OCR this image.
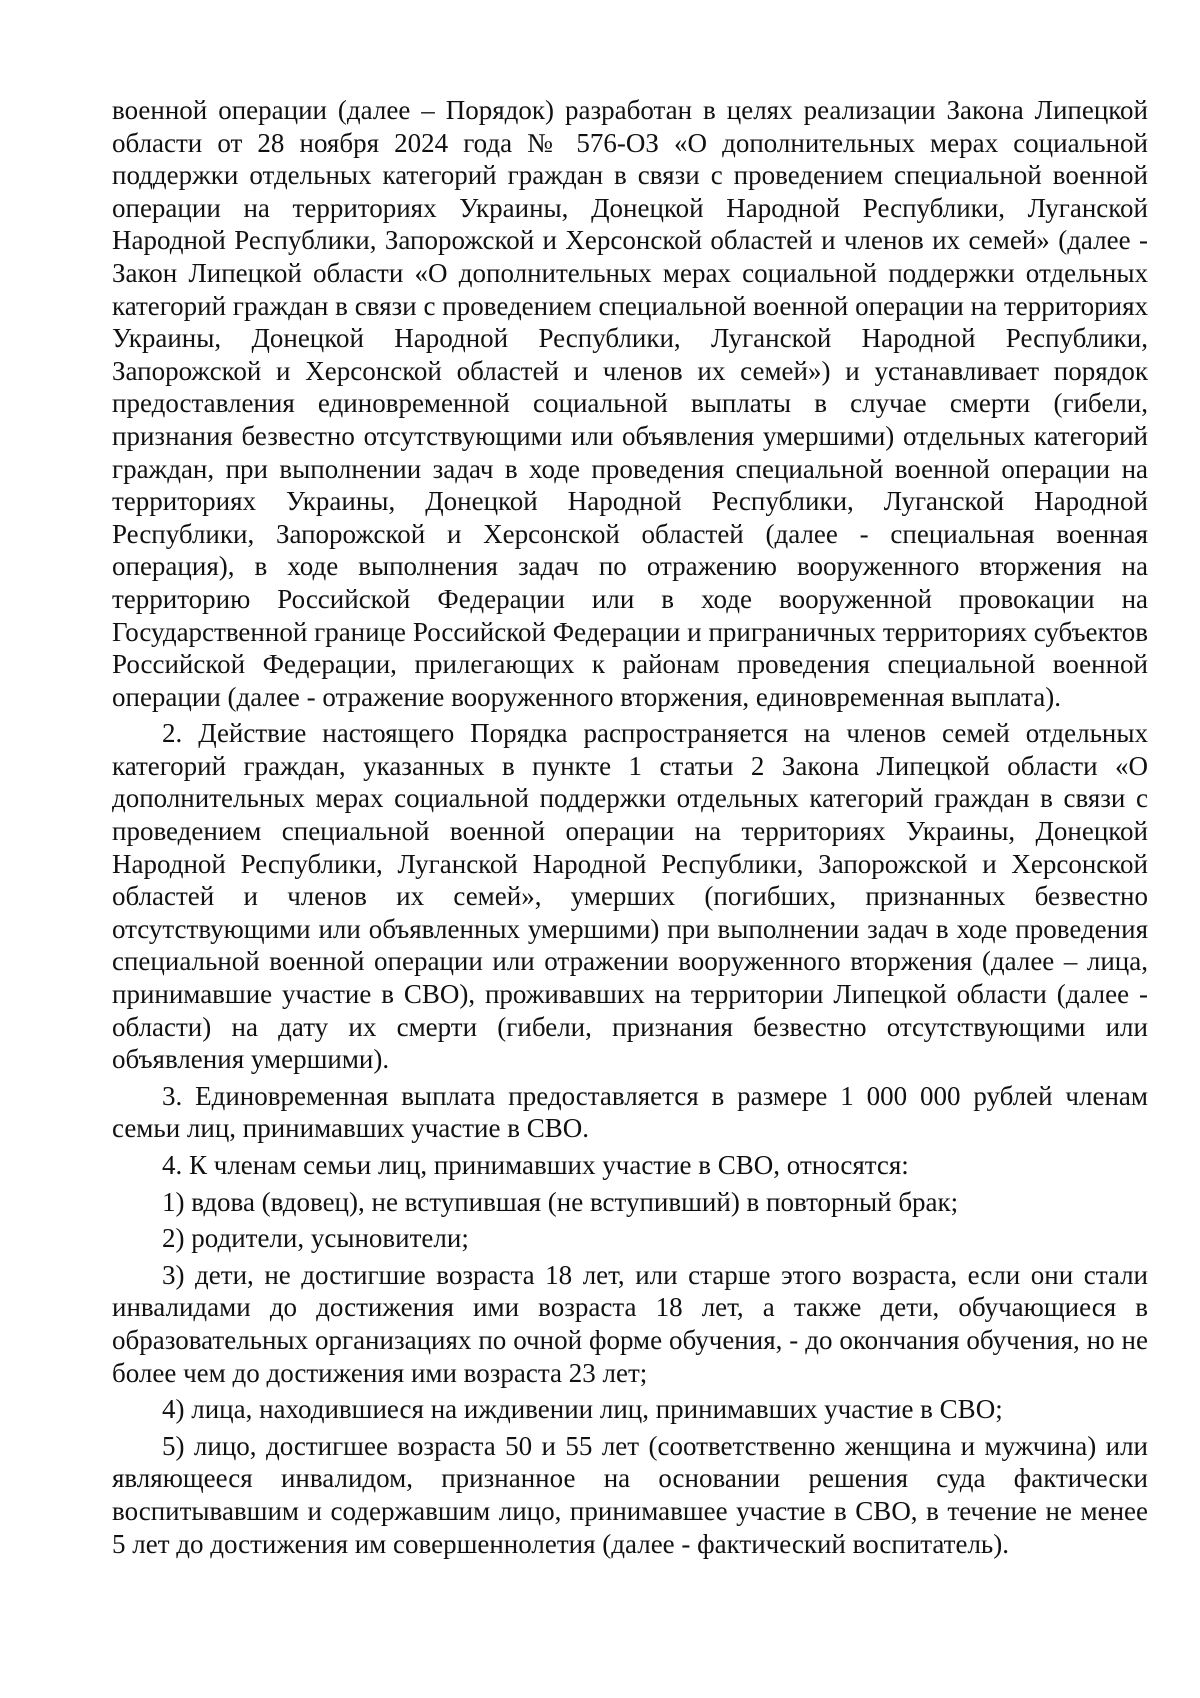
военной операции (далее – Порядок) разработан в целях реализации Закона Липецкой области от 28 ноября 2024 года № 576-ОЗ «О дополнительных мерах социальной поддержки отдельных категорий граждан в связи с проведением специальной военной операции на территориях Украины, Донецкой Народной Республики, Луганской Народной Республики, Запорожской и Херсонской областей и членов их семей» (далее - Закон Липецкой области «О дополнительных мерах социальной поддержки отдельных категорий граждан в связи с проведением специальной военной операции на территориях Украины, Донецкой Народной Республики, Луганской Народной Республики, Запорожской и Херсонской областей и членов их семей») и устанавливает порядок предоставления единовременной социальной выплаты в случае смерти (гибели, признания безвестно отсутствующими или объявления умершими) отдельных категорий граждан, при выполнении задач в ходе проведения специальной военной операции на территориях Украины, Донецкой Народной Республики, Луганской Народной Республики, Запорожской и Херсонской областей (далее - специальная военная операция), в ходе выполнения задач по отражению вооруженного вторжения на территорию Российской Федерации или в ходе вооруженной провокации на Государственной границе Российской Федерации и приграничных территориях субъектов Российской Федерации, прилегающих к районам проведения специальной военной операции (далее - отражение вооруженного вторжения, единовременная выплата).

2. Действие настоящего Порядка распространяется на членов семей отдельных категорий граждан, указанных в пункте 1 статьи 2 Закона Липецкой области «О дополнительных мерах социальной поддержки отдельных категорий граждан в связи с проведением специальной военной операции на территориях Украины, Донецкой Народной Республики, Луганской Народной Республики, Запорожской и Херсонской областей и членов их семей», умерших (погибших, признанных безвестно отсутствующими или объявленных умершими) при выполнении задач в ходе проведения специальной военной операции или отражении вооруженного вторжения (далее – лица, принимавшие участие в СВО), проживавших на территории Липецкой области (далее - области) на дату их смерти (гибели, признания безвестно отсутствующими или объявления умершими).

3. Единовременная выплата предоставляется в размере 1 000 000 рублей членам семьи лиц, принимавших участие в СВО.

4. К членам семьи лиц, принимавших участие в СВО, относятся:

1) вдова (вдовец), не вступившая (не вступивший) в повторный брак;

2) родители, усыновители;

3) дети, не достигшие возраста 18 лет, или старше этого возраста, если они стали инвалидами до достижения ими возраста 18 лет, а также дети, обучающиеся в образовательных организациях по очной форме обучения, - до окончания обучения, но не более чем до достижения ими возраста 23 лет;

4) лица, находившиеся на иждивении лиц, принимавших участие в СВО;

5) лицо, достигшее возраста 50 и 55 лет (соответственно женщина и мужчина) или являющееся инвалидом, признанное на основании решения суда фактически воспитывавшим и содержавшим лицо, принимавшее участие в СВО, в течение не менее 5 лет до достижения им совершеннолетия (далее - фактический воспитатель).
